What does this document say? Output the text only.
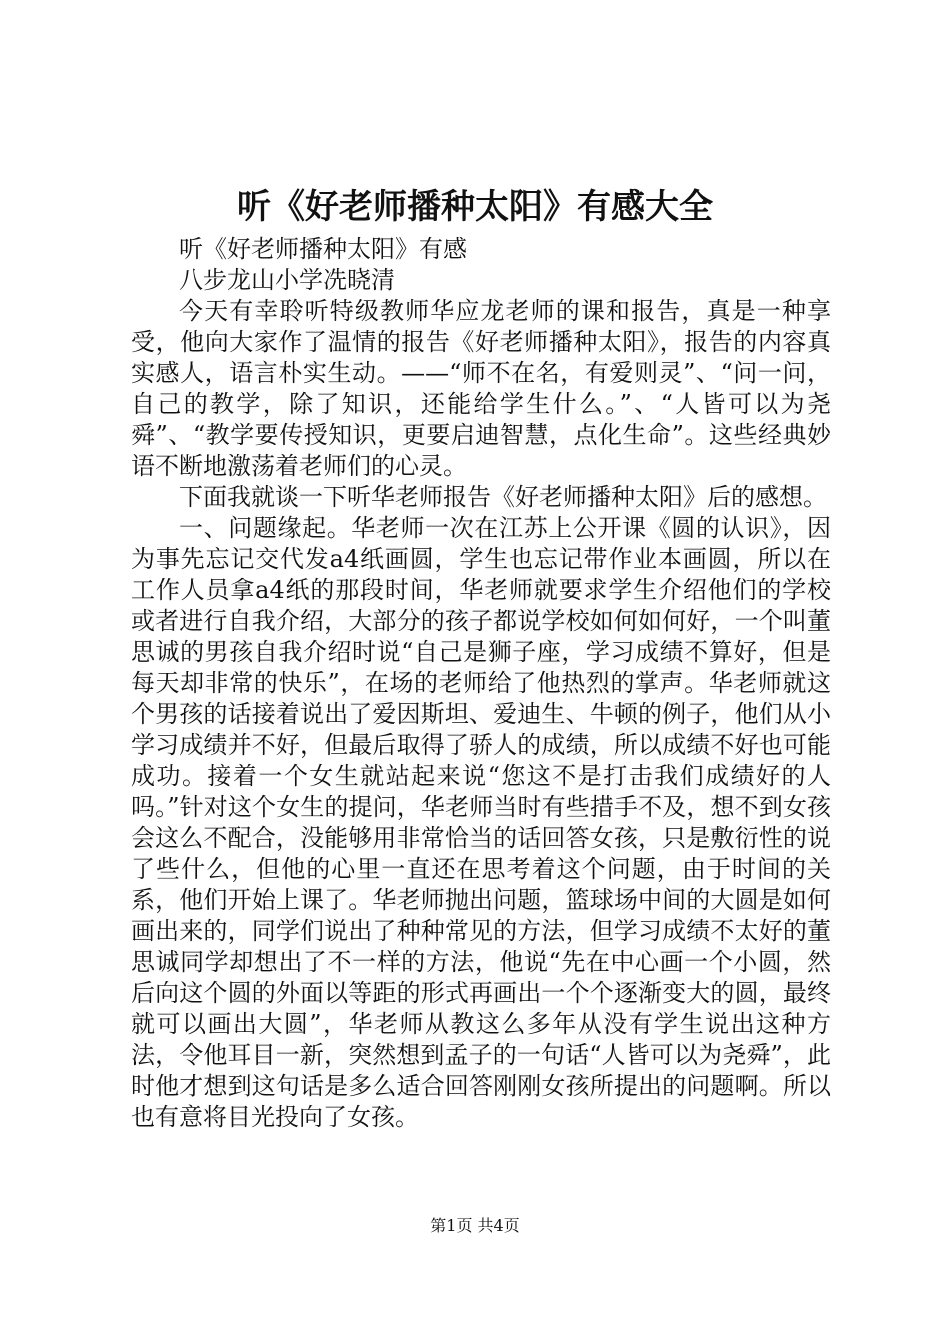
听《好老师播种太阳》有感大全

听《好老师播种太阳》有感

八步龙山小学冼晓清

今天有幸聆听特级教师华应龙老师的课和报告，真是一种享受，他向大家作了温情的报告《好老师播种太阳》，报告的内容真实感人，语言朴实生动。——“师不在名，有爱则灵”、“问一问，自己的教学，除了知识，还能给学生什么。”、“人皆可以为尧舜”、“教学要传授知识，更要启迪智慧，点化生命”。这些经典妙语不断地激荡着老师们的心灵。

下面我就谈一下听华老师报告《好老师播种太阳》后的感想。

一、问题缘起。华老师一次在江苏上公开课《圆的认识》，因为事先忘记交代发a4纸画圆，学生也忘记带作业本画圆，所以在工作人员拿a4纸的那段时间，华老师就要求学生介绍他们的学校或者进行自我介绍，大部分的孩子都说学校如何如何好，一个叫董思诚的男孩自我介绍时说“自己是狮子座，学习成绩不算好，但是每天却非常的快乐”，在场的老师给了他热烈的掌声。华老师就这个男孩的话接着说出了爱因斯坦、爱迪生、牛顿的例子，他们从小学习成绩并不好，但最后取得了骄人的成绩，所以成绩不好也可能成功。接着一个女生就站起来说“您这不是打击我们成绩好的人吗。”针对这个女生的提问，华老师当时有些措手不及，想不到女孩会这么不配合，没能够用非常恰当的话回答女孩，只是敷衍性的说了些什么，但他的心里一直还在思考着这个问题，由于时间的关系，他们开始上课了。华老师抛出问题，篮球场中间的大圆是如何画出来的，同学们说出了种种常见的方法，但学习成绩不太好的董思诚同学却想出了不一样的方法，他说“先在中心画一个小圆，然后向这个圆的外面以等距的形式再画出一个个逐渐变大的圆，最终就可以画出大圆”，华老师从教这么多年从没有学生说出这种方法，令他耳目一新，突然想到孟子的一句话“人皆可以为尧舜”，此时他才想到这句话是多么适合回答刚刚女孩所提出的问题啊。所以也有意将目光投向了女孩。

第1页 共4页
